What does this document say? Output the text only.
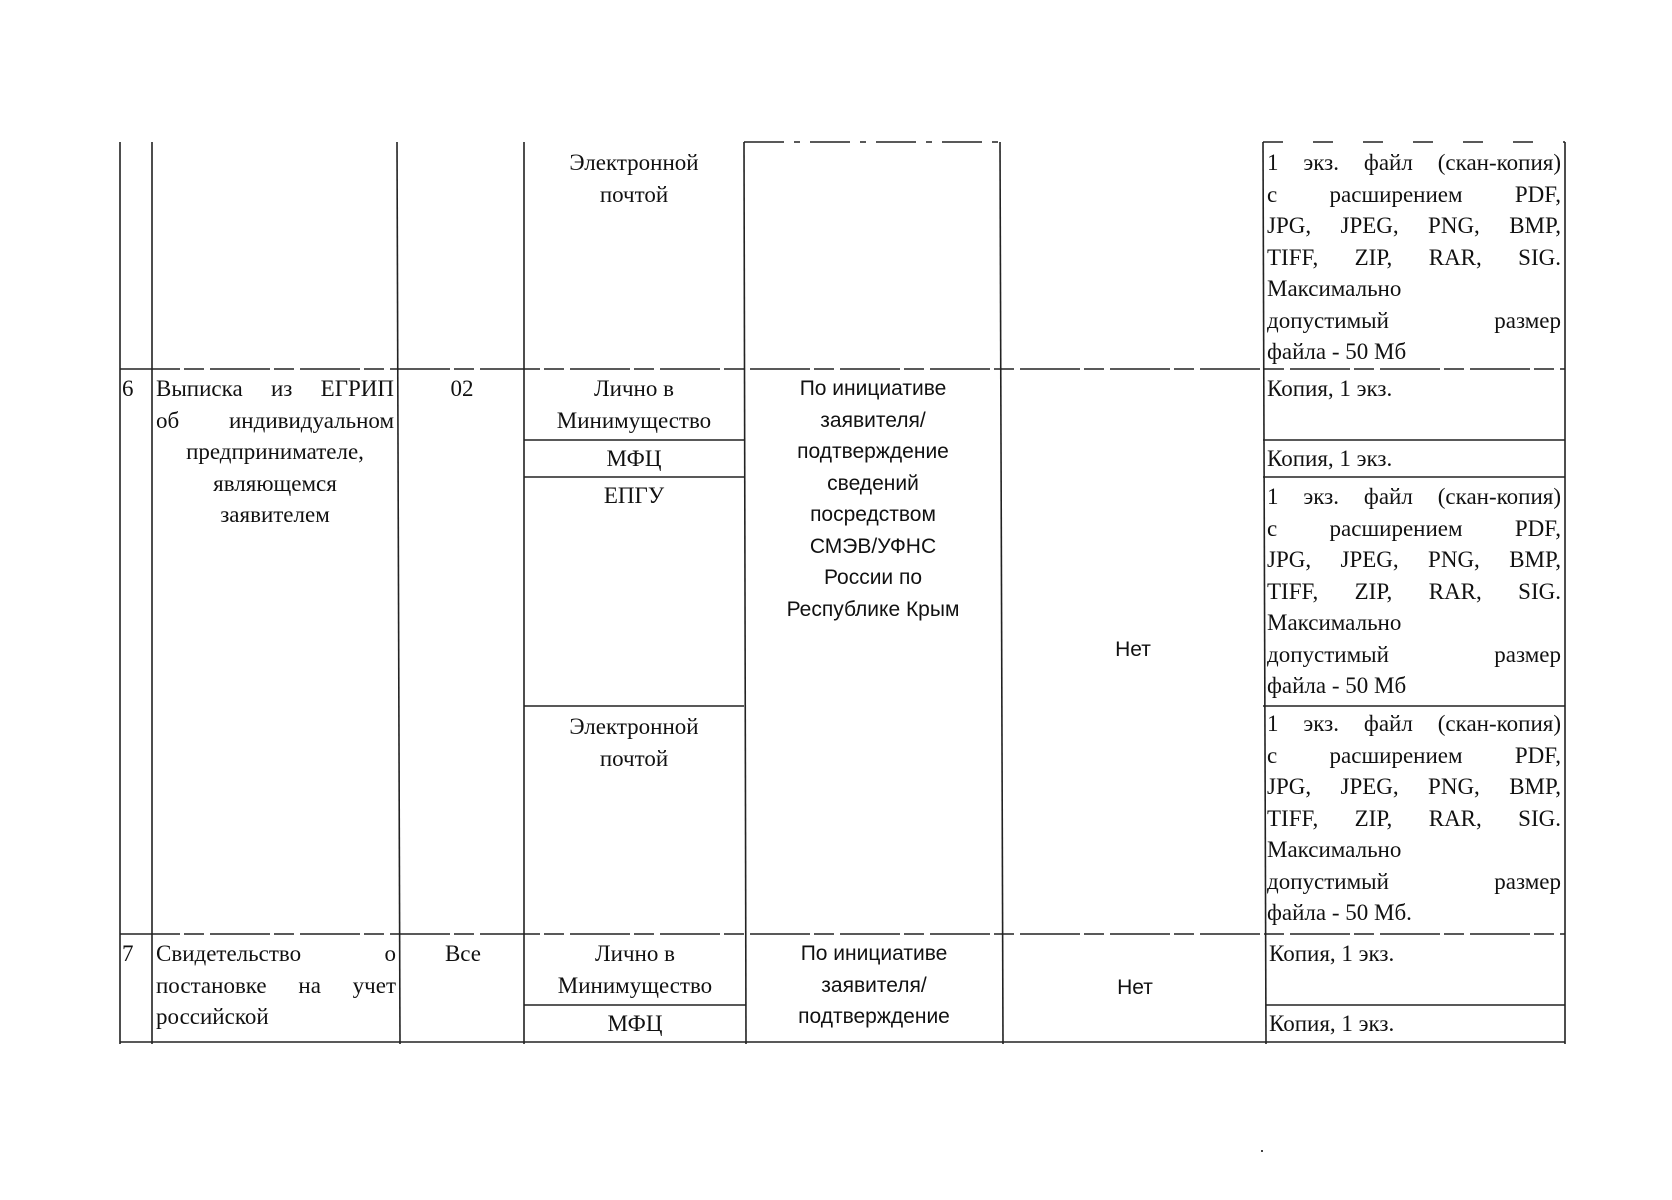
Электронной
почтой
1 экз. файл (скан-копия)
с расширением PDF,
JPG, JPEG, PNG, BMP,
TIFF, ZIP, RAR, SIG.
Максимально
допустимый размер
файла - 50 Мб
6 Выписка из ЕГРИП
об индивидуальном
предпринимателе,
являющемся
заявителем
02	Лично в
Минимущество
МФЦ
ЕПГУ
Электронной
почтой
По инициативе
заявителя/
подтверждение
сведений
посредством
СМЭВ/УФНС
России по
Республике Крым
Нет
Копия, 1 экз.
Копия, 1 экз.
1 экз. файл (скан-копия)
с расширением PDF,
JPG, JPEG, PNG, BMP,
TIFF, ZIP, RAR, SIG.
Максимально
допустимый размер
файла - 50 Мб
1 экз. файл (скан-копия)
с расширением PDF,
JPG, JPEG, PNG, BMP,
TIFF, ZIP, RAR, SIG.
Максимально
допустимый размер
файла - 50 Мб.
7 Свидетельство о
постановке на учет
российской
Все	Лично в
Минимущество
МФЦ
По инициативе
заявителя/
подтверждение
Нет
Копия, 1 экз.
Копия, 1 экз.
